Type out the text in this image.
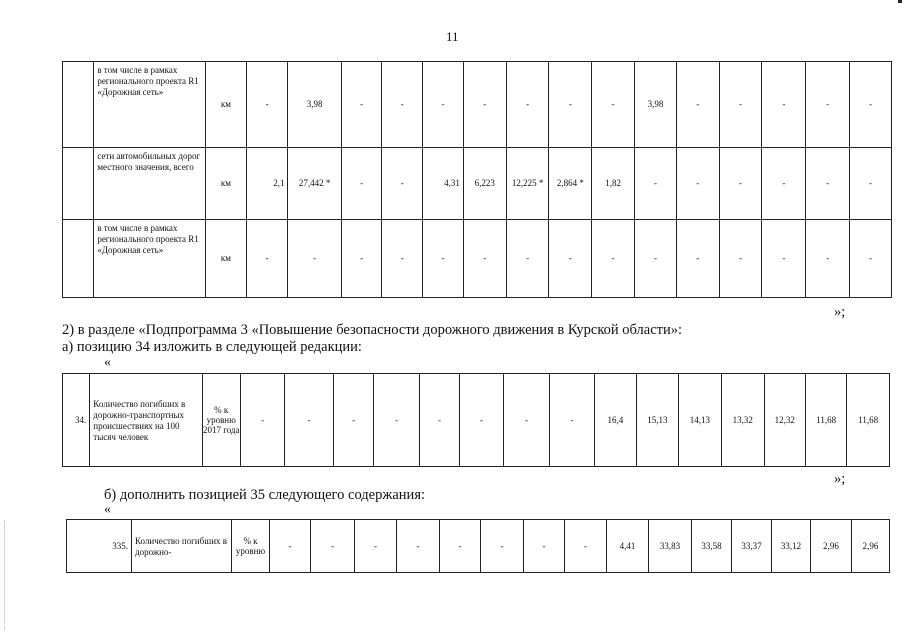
11
	в том числе в рамках регионального проекта R1 «Дорожная сеть»	км	-	3,98	-	-	-	-	-	-	-	3,98	-	-	-	-	-
	сети автомобильных дорог местного значения, всего	км	2,1	27,442 *	-	-	4,31	6,223	12,225 *	2,864 *	1,82	-	-	-	-	-	-
	в том числе в рамках регионального проекта R1 «Дорожная сеть»	км	-	-	-	-	-	-	-	-	-	-	-	-	-	-	-
»;
2) в разделе «Подпрограмма 3 «Повышение безопасности дорожного движения в Курской области»:
а) позицию 34 изложить в следующей редакции:
«
34.	Количество погибших в дорожно-транспортных происшествиях на 100 тысяч человек	% к уровню 2017 года	-	-	-	-	-	-	-	-	16,4	15,13	14,13	13,32	12,32	11,68	11,68
»;
б) дополнить позицией 35 следующего содержания:
«
335.	Количество погибших в дорожно-	% к уровню	-	-	-	-	-	-	-	-	4,41	33,83	33,58	33,37	33,12	2,96	2,96
